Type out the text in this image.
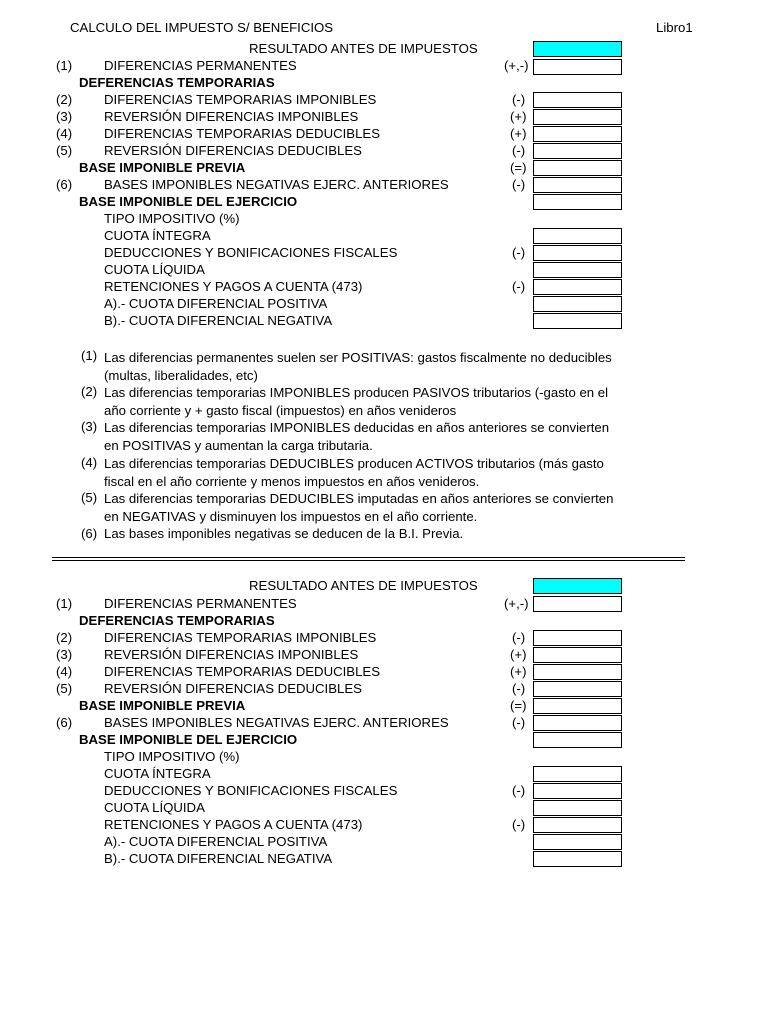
CALCULO DEL IMPUESTO S/ BENEFICIOS	Libro1
RESULTADO ANTES DE IMPUESTOS
(1) DIFERENCIAS PERMANENTES	(+,-)
DEFERENCIAS TEMPORARIAS
(2) DIFERENCIAS TEMPORARIAS IMPONIBLES	(-)
(3) REVERSIÓN DIFERENCIAS IMPONIBLES	(+)
(4) DIFERENCIAS TEMPORARIAS DEDUCIBLES	(+)
(5) REVERSIÓN DIFERENCIAS DEDUCIBLES	(-)
BASE IMPONIBLE PREVIA	(=)
(6) BASES IMPONIBLES NEGATIVAS EJERC. ANTERIORES	(-)
BASE IMPONIBLE DEL EJERCICIO
TIPO IMPOSITIVO (%)
CUOTA ÍNTEGRA
DEDUCCIONES Y BONIFICACIONES FISCALES	(-)
CUOTA LÍQUIDA
RETENCIONES Y PAGOS A CUENTA (473)	(-)
A).- CUOTA DIFERENCIAL POSITIVA
B).- CUOTA DIFERENCIAL NEGATIVA
(1) Las diferencias permanentes suelen ser POSITIVAS: gastos fiscalmente no deducibles (multas, liberalidades, etc)
(2) Las diferencias temporarias IMPONIBLES producen PASIVOS tributarios (-gasto en el año corriente y + gasto fiscal (impuestos) en años venideros
(3) Las diferencias temporarias IMPONIBLES deducidas en años anteriores se convierten en POSITIVAS y aumentan la carga tributaria.
(4) Las diferencias temporarias DEDUCIBLES producen ACTIVOS tributarios (más gasto fiscal en el año corriente y menos impuestos en años venideros.
(5) Las diferencias temporarias DEDUCIBLES imputadas en años anteriores se convierten en NEGATIVAS y disminuyen los impuestos en el año corriente.
(6) Las bases imponibles negativas se deducen de la B.I. Previa.
RESULTADO ANTES DE IMPUESTOS
(1) DIFERENCIAS PERMANENTES	(+,-)
DEFERENCIAS TEMPORARIAS
(2) DIFERENCIAS TEMPORARIAS IMPONIBLES	(-)
(3) REVERSIÓN DIFERENCIAS IMPONIBLES	(+)
(4) DIFERENCIAS TEMPORARIAS DEDUCIBLES	(+)
(5) REVERSIÓN DIFERENCIAS DEDUCIBLES	(-)
BASE IMPONIBLE PREVIA	(=)
(6) BASES IMPONIBLES NEGATIVAS EJERC. ANTERIORES	(-)
BASE IMPONIBLE DEL EJERCICIO
TIPO IMPOSITIVO (%)
CUOTA ÍNTEGRA
DEDUCCIONES Y BONIFICACIONES FISCALES	(-)
CUOTA LÍQUIDA
RETENCIONES Y PAGOS A CUENTA (473)	(-)
A).- CUOTA DIFERENCIAL POSITIVA
B).- CUOTA DIFERENCIAL NEGATIVA
